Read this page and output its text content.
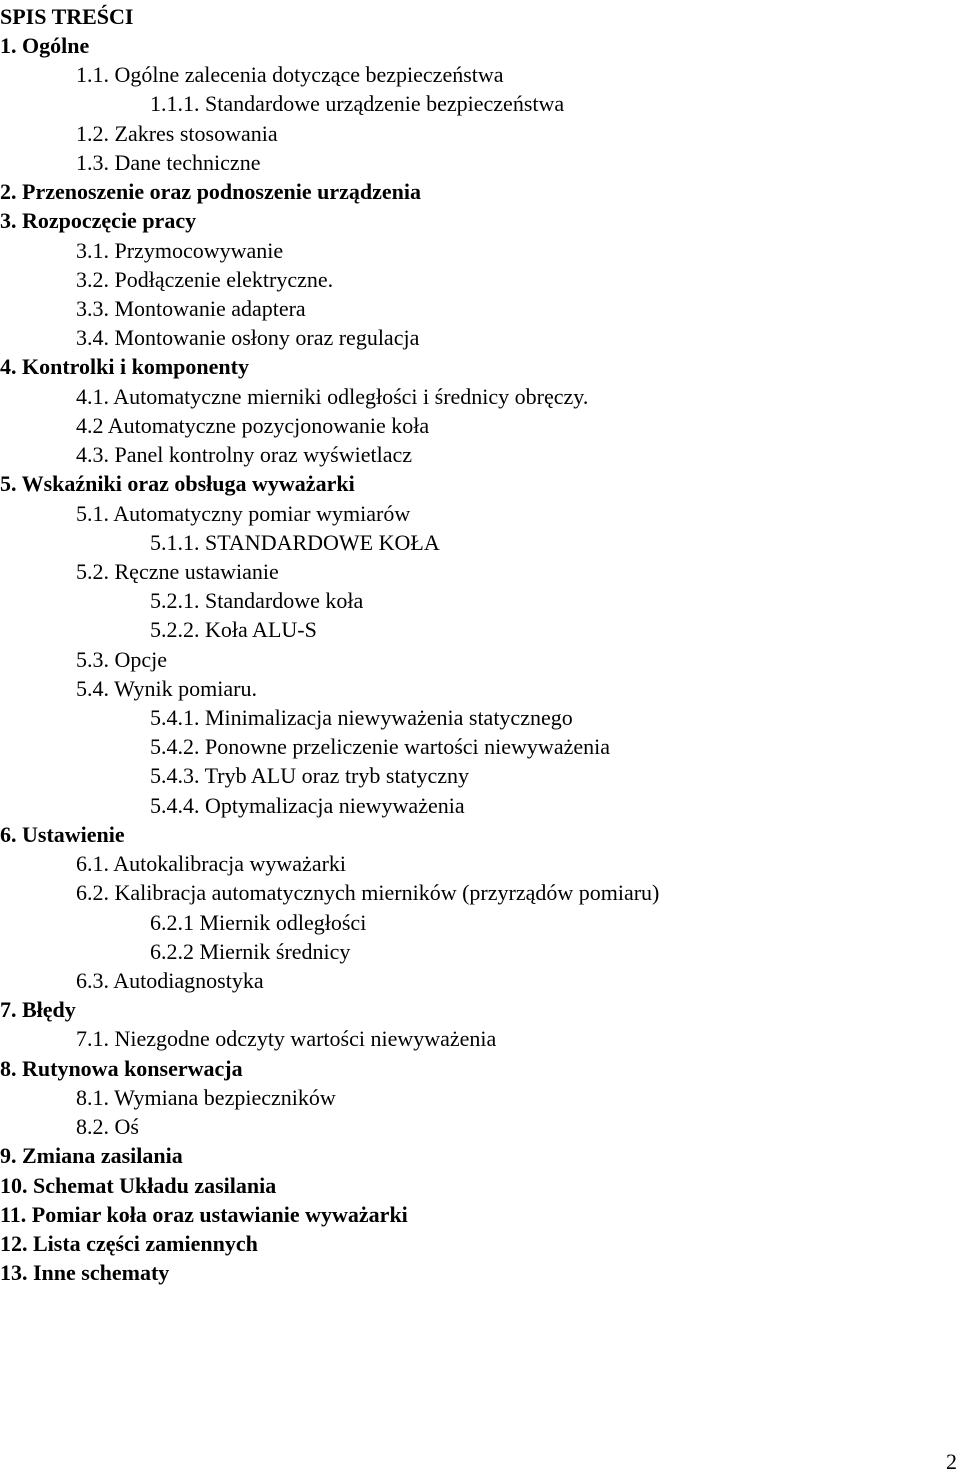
SPIS TREŚCI
1. Ogólne
1.1. Ogólne zalecenia dotyczące bezpieczeństwa
1.1.1. Standardowe urządzenie bezpieczeństwa
1.2. Zakres stosowania
1.3. Dane techniczne
2. Przenoszenie oraz podnoszenie urządzenia
3. Rozpoczęcie pracy
3.1. Przymocowywanie
3.2. Podłączenie elektryczne.
3.3. Montowanie adaptera
3.4. Montowanie osłony oraz regulacja
4. Kontrolki i komponenty
4.1. Automatyczne mierniki odległości i średnicy obręczy.
4.2 Automatyczne pozycjonowanie koła
4.3. Panel kontrolny oraz wyświetlacz
5. Wskaźniki oraz obsługa wyważarki
5.1. Automatyczny pomiar wymiarów
5.1.1. STANDARDOWE KOŁA
5.2. Ręczne ustawianie
5.2.1. Standardowe koła
5.2.2. Koła ALU-S
5.3. Opcje
5.4. Wynik pomiaru.
5.4.1. Minimalizacja niewyważenia statycznego
5.4.2. Ponowne przeliczenie wartości niewyważenia
5.4.3. Tryb ALU oraz tryb statyczny
5.4.4. Optymalizacja niewyważenia
6. Ustawienie
6.1. Autokalibracja wyważarki
6.2. Kalibracja automatycznych mierników (przyrządów pomiaru)
6.2.1 Miernik odległości
6.2.2 Miernik średnicy
6.3. Autodiagnostyka
7. Błędy
7.1. Niezgodne odczyty wartości niewyważenia
8. Rutynowa konserwacja
8.1. Wymiana bezpieczników
8.2. Oś
9. Zmiana zasilania
10. Schemat Układu zasilania
11. Pomiar koła oraz ustawianie wyważarki
12. Lista części zamiennych
13. Inne schematy
2
